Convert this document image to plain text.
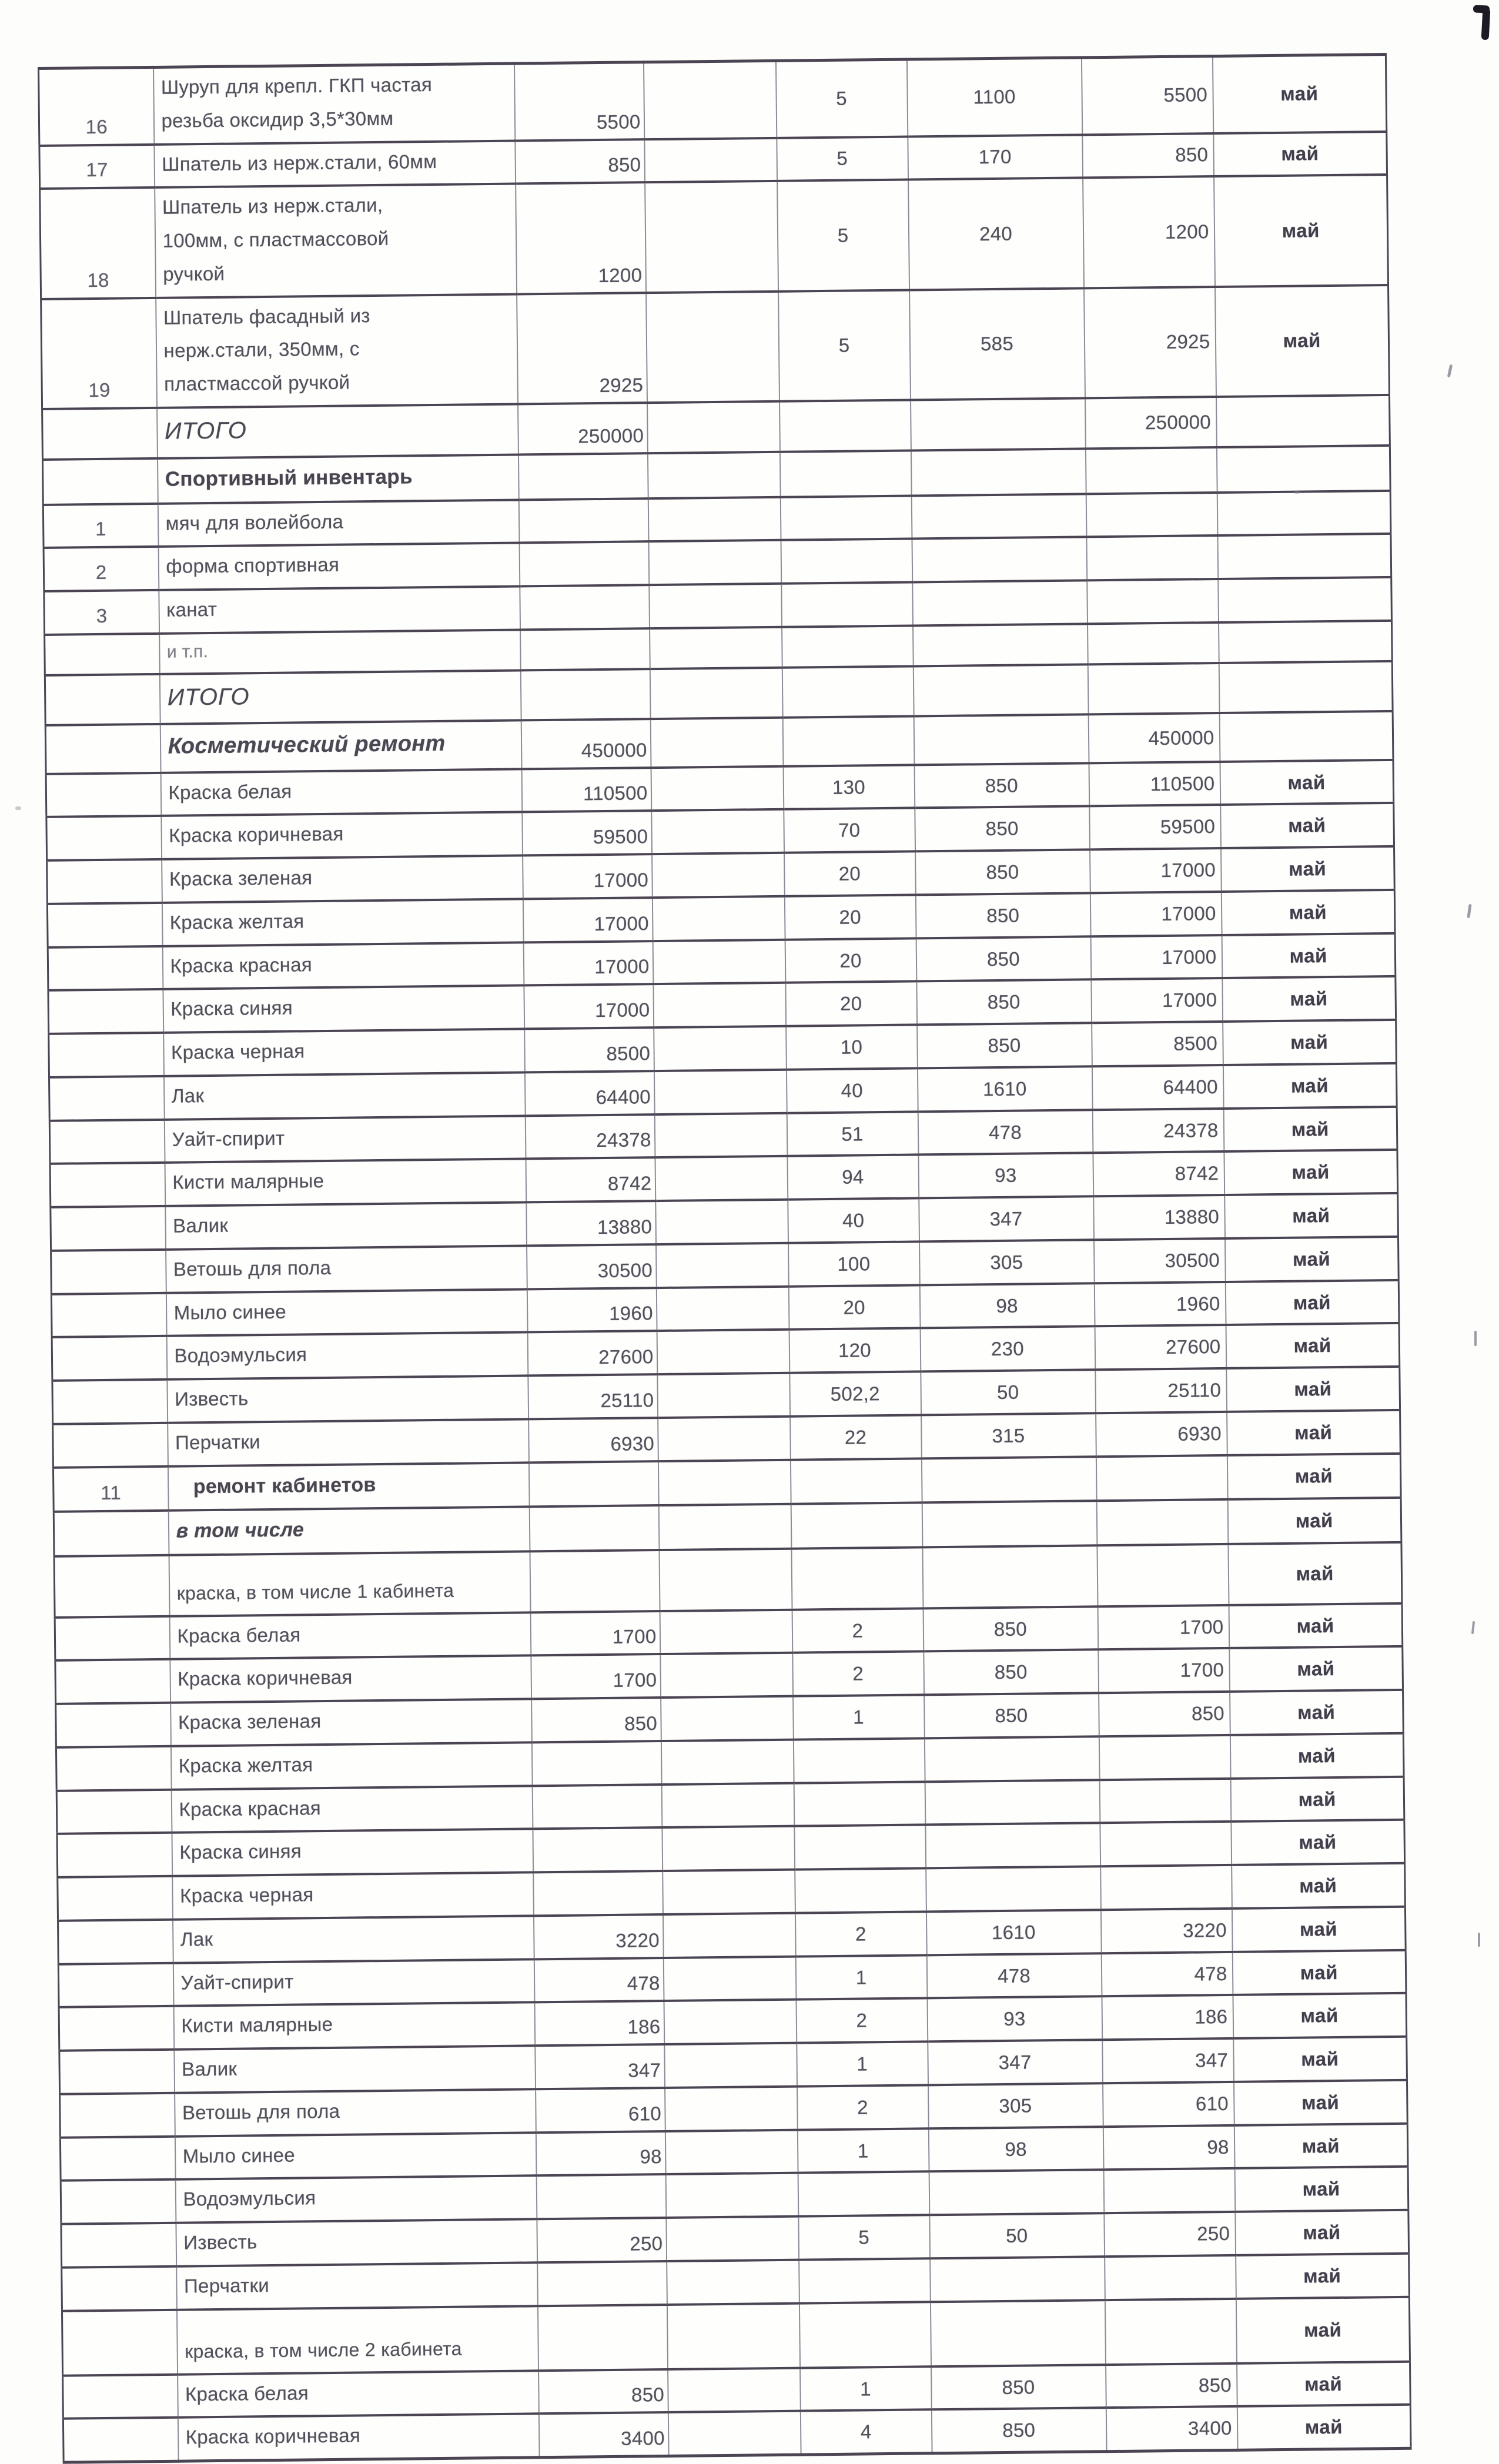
16	Шуруп для крепл. ГКП частая
резьба оксидир 3,5*30мм	5500		5	1100	5500	май
17	Шпатель из нерж.стали, 60мм	850		5	170	850	май
18	Шпатель из нерж.стали,
100мм, с пластмассовой
ручкой	1200		5	240	1200	май
19	Шпатель фасадный из
нерж.стали, 350мм, с
пластмассой ручкой	2925		5	585	2925	май
	ИТОГО	250000				250000	
	Спортивный инвентарь						
1	мяч для волейбола						
2	форма спортивная						
3	канат						
	и т.п.						
	ИТОГО						
	Косметический ремонт	450000				450000	
	Краска белая	110500		130	850	110500	май
	Краска коричневая	59500		70	850	59500	май
	Краска зеленая	17000		20	850	17000	май
	Краска желтая	17000		20	850	17000	май
	Краска красная	17000		20	850	17000	май
	Краска синяя	17000		20	850	17000	май
	Краска черная	8500		10	850	8500	май
	Лак	64400		40	1610	64400	май
	Уайт-спирит	24378		51	478	24378	май
	Кисти малярные	8742		94	93	8742	май
	Валик	13880		40	347	13880	май
	Ветошь для пола	30500		100	305	30500	май
	Мыло синее	1960		20	98	1960	май
	Водоэмульсия	27600		120	230	27600	май
	Известь	25110		502,2	50	25110	май
	Перчатки	6930		22	315	6930	май
11	ремонт кабинетов						май
	в том числе						май
	краска, в том числе 1 кабинета						май
	Краска белая	1700		2	850	1700	май
	Краска коричневая	1700		2	850	1700	май
	Краска зеленая	850		1	850	850	май
	Краска желтая						май
	Краска красная						май
	Краска синяя						май
	Краска черная						май
	Лак	3220		2	1610	3220	май
	Уайт-спирит	478		1	478	478	май
	Кисти малярные	186		2	93	186	май
	Валик	347		1	347	347	май
	Ветошь для пола	610		2	305	610	май
	Мыло синее	98		1	98	98	май
	Водоэмульсия						май
	Известь	250		5	50	250	май
	Перчатки						май
	краска, в том числе 2 кабинета						май
	Краска белая	850		1	850	850	май
	Краска коричневая	3400		4	850	3400	май
